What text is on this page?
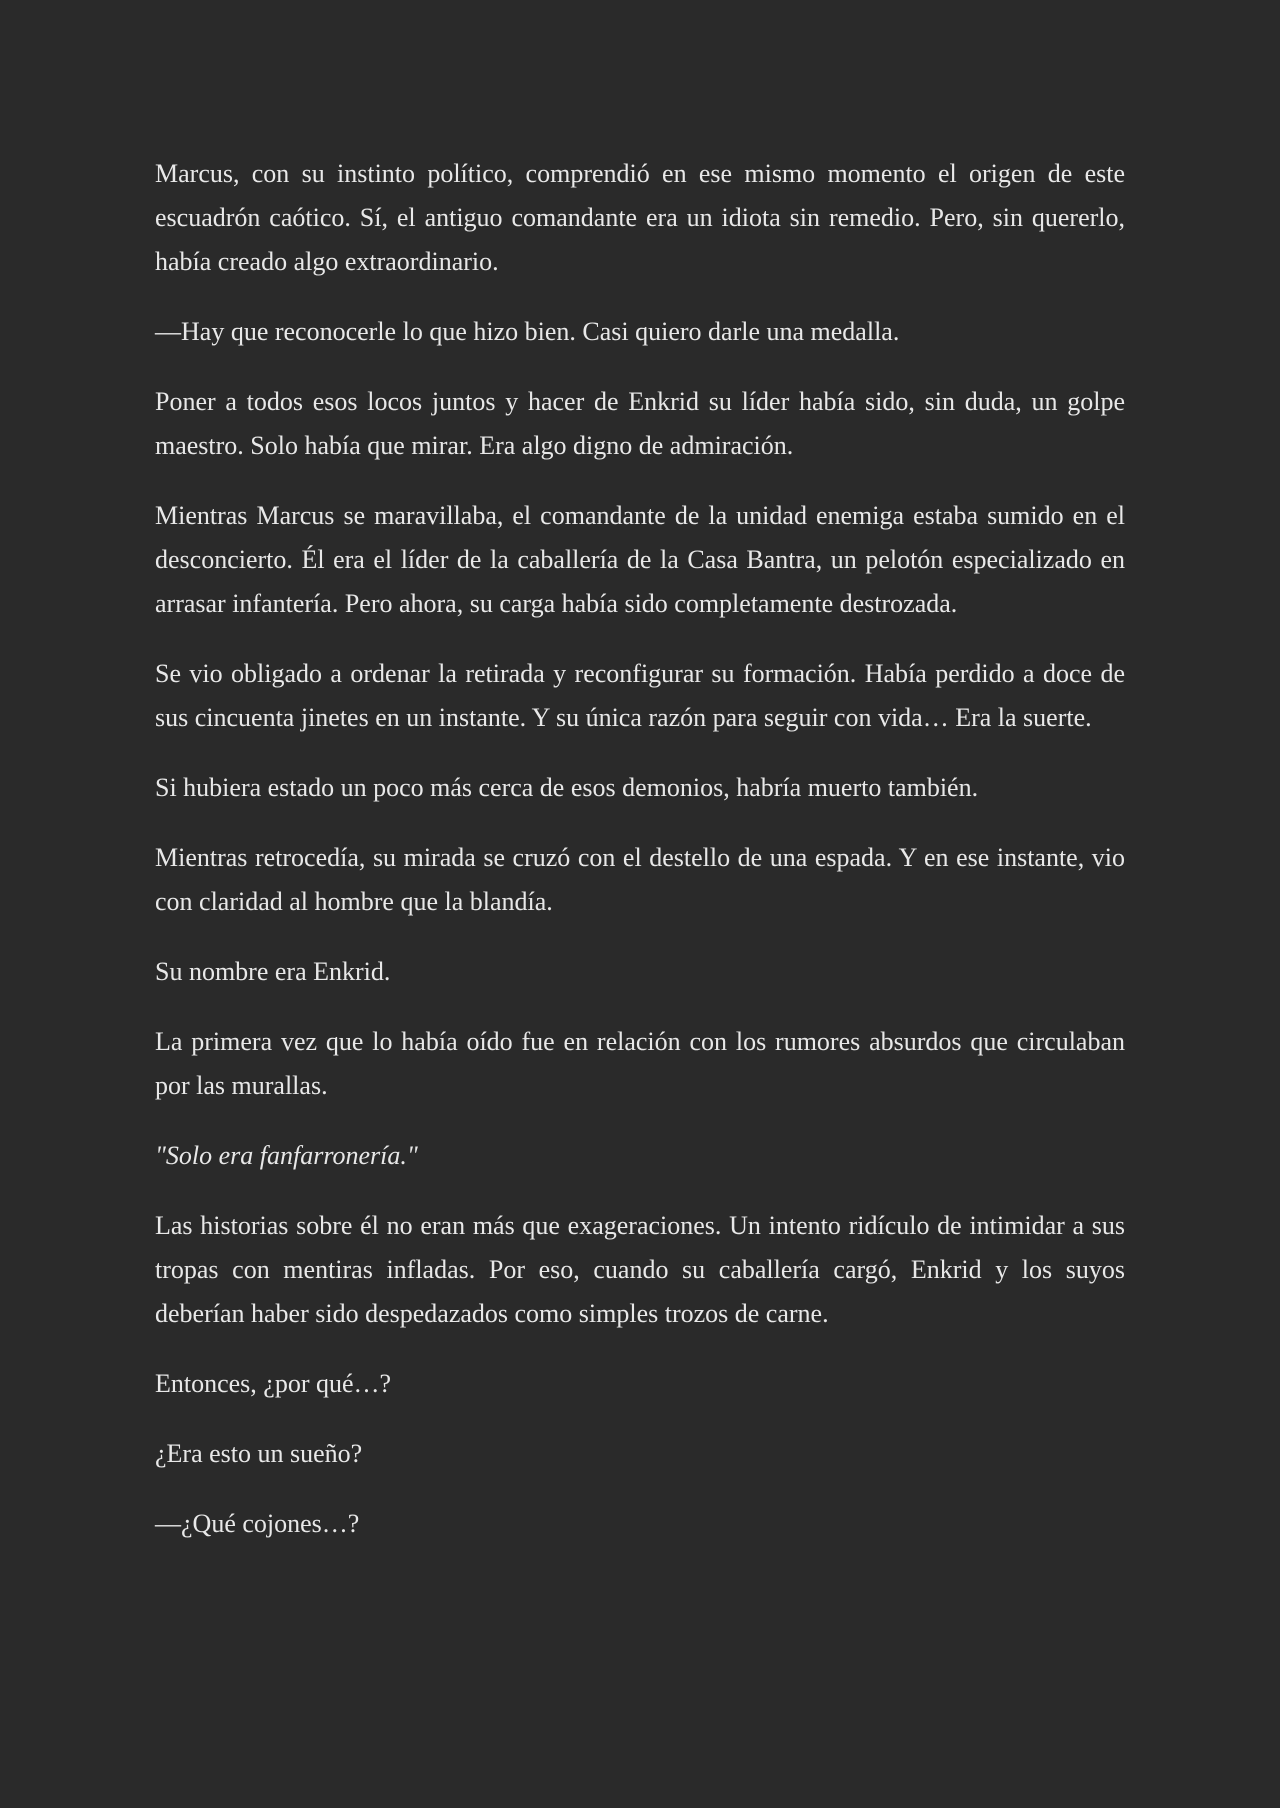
Marcus, con su instinto político, comprendió en ese mismo momento el origen de este escuadrón caótico. Sí, el antiguo comandante era un idiota sin remedio. Pero, sin quererlo, había creado algo extraordinario.

—Hay que reconocerle lo que hizo bien. Casi quiero darle una medalla.

Poner a todos esos locos juntos y hacer de Enkrid su líder había sido, sin duda, un golpe maestro. Solo había que mirar. Era algo digno de admiración.

Mientras Marcus se maravillaba, el comandante de la unidad enemiga estaba sumido en el desconcierto. Él era el líder de la caballería de la Casa Bantra, un pelotón especializado en arrasar infantería. Pero ahora, su carga había sido completamente destrozada.

Se vio obligado a ordenar la retirada y reconfigurar su formación. Había perdido a doce de sus cincuenta jinetes en un instante. Y su única razón para seguir con vida… Era la suerte.

Si hubiera estado un poco más cerca de esos demonios, habría muerto también.

Mientras retrocedía, su mirada se cruzó con el destello de una espada. Y en ese instante, vio con claridad al hombre que la blandía.

Su nombre era Enkrid.

La primera vez que lo había oído fue en relación con los rumores absurdos que circulaban por las murallas.

"Solo era fanfarronería."

Las historias sobre él no eran más que exageraciones. Un intento ridículo de intimidar a sus tropas con mentiras infladas. Por eso, cuando su caballería cargó, Enkrid y los suyos deberían haber sido despedazados como simples trozos de carne.

Entonces, ¿por qué…?

¿Era esto un sueño?

—¿Qué cojones…?
